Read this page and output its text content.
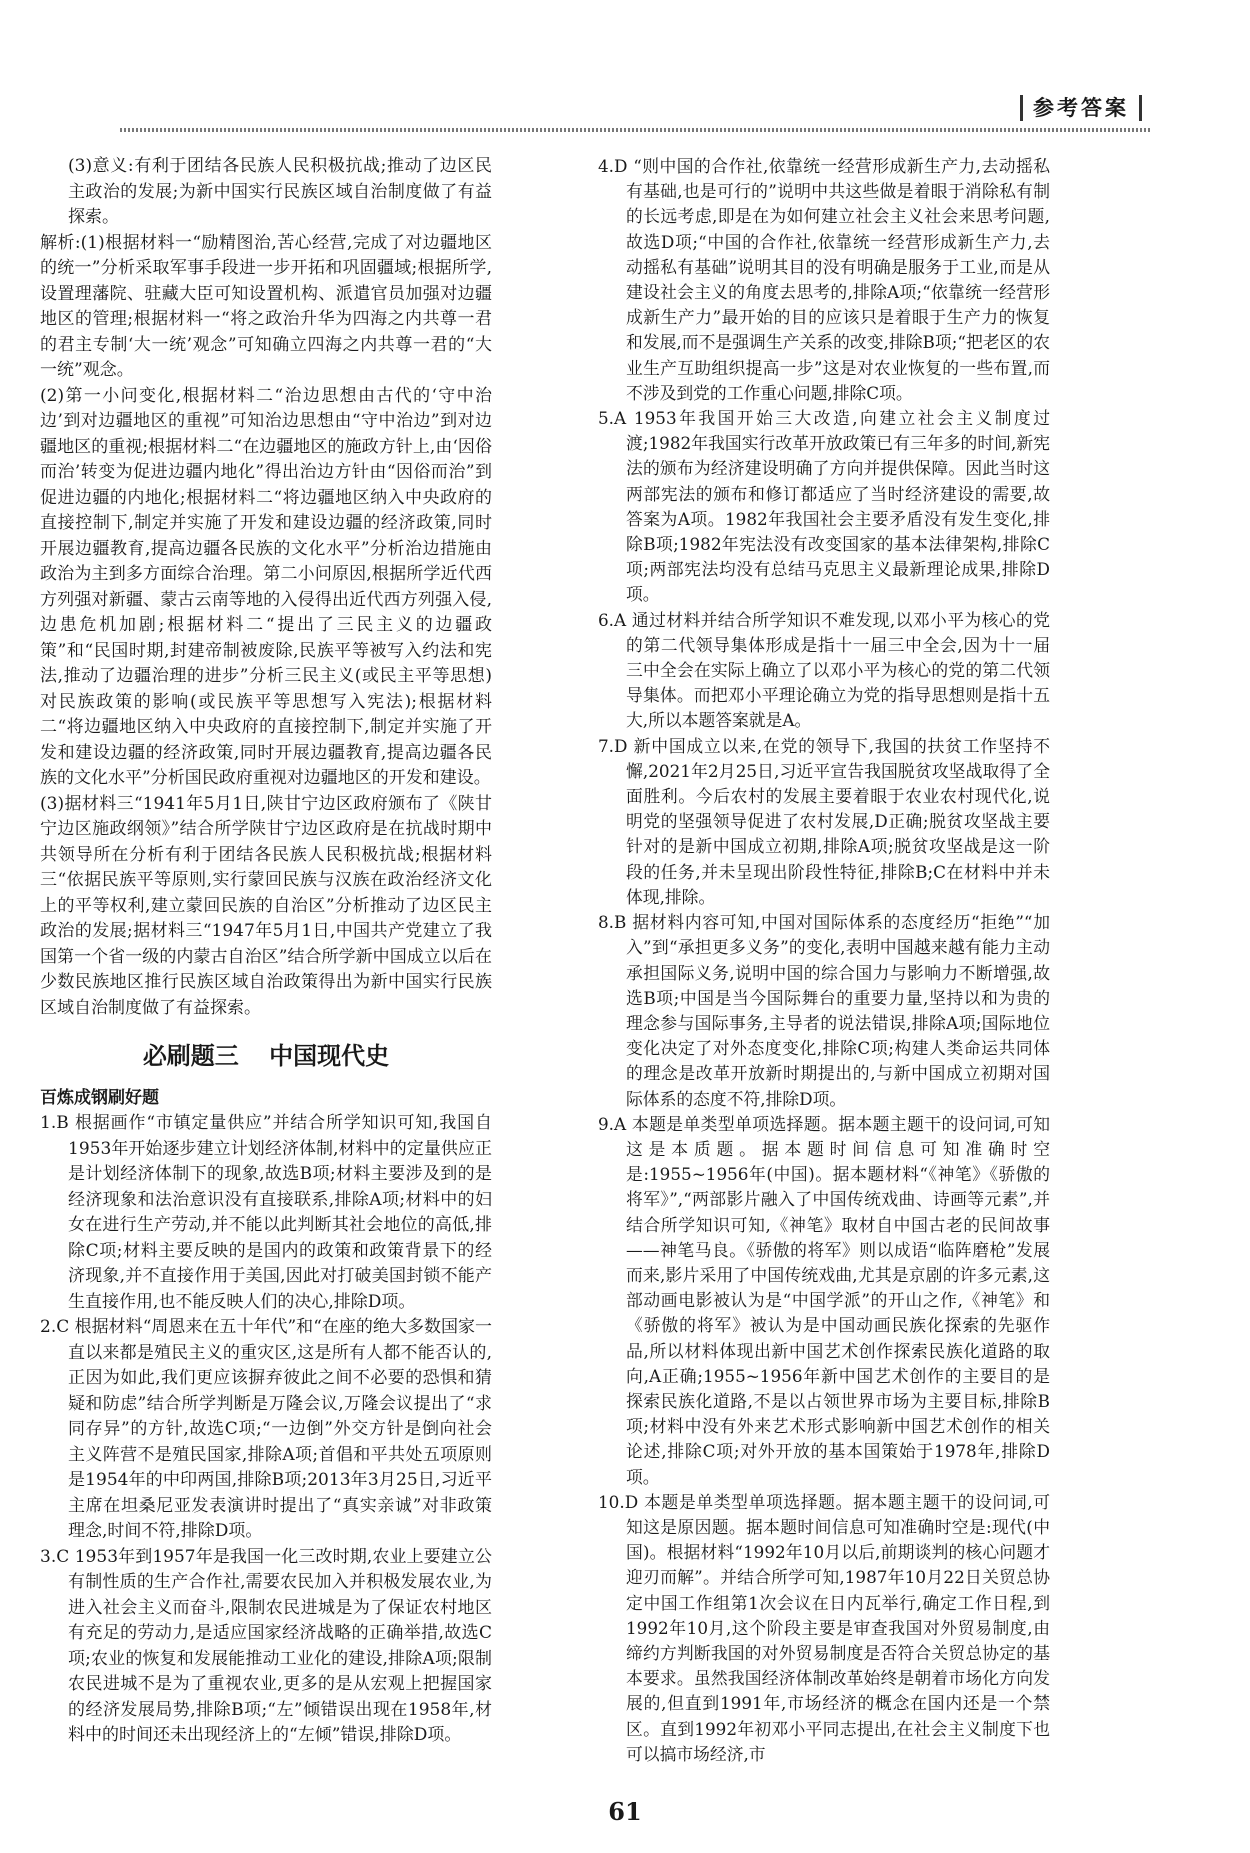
参考答案

(3)意义:有利于团结各民族人民积极抗战;推动了边区民主政治的发展;为新中国实行民族区域自治制度做了有益探索。

解析:(1)根据材料一“励精图治,苦心经营,完成了对边疆地区的统一”分析采取军事手段进一步开拓和巩固疆域;根据所学,设置理藩院、驻藏大臣可知设置机构、派遣官员加强对边疆地区的管理;根据材料一“将之政治升华为四海之内共尊一君的君主专制‘大一统’观念”可知确立四海之内共尊一君的“大一统”观念。

(2)第一小问变化,根据材料二“治边思想由古代的‘守中治边’到对边疆地区的重视”可知治边思想由“守中治边”到对边疆地区的重视;根据材料二“在边疆地区的施政方针上,由‘因俗而治’转变为促进边疆内地化”得出治边方针由“因俗而治”到促进边疆的内地化;根据材料二“将边疆地区纳入中央政府的直接控制下,制定并实施了开发和建设边疆的经济政策,同时开展边疆教育,提高边疆各民族的文化水平”分析治边措施由政治为主到多方面综合治理。第二小问原因,根据所学近代西方列强对新疆、蒙古云南等地的入侵得出近代西方列强入侵,边患危机加剧;根据材料二“提出了三民主义的边疆政策”和“民国时期,封建帝制被废除,民族平等被写入约法和宪法,推动了边疆治理的进步”分析三民主义(或民主平等思想)对民族政策的影响(或民族平等思想写入宪法);根据材料二“将边疆地区纳入中央政府的直接控制下,制定并实施了开发和建设边疆的经济政策,同时开展边疆教育,提高边疆各民族的文化水平”分析国民政府重视对边疆地区的开发和建设。

(3)据材料三“1941年5月1日,陕甘宁边区政府颁布了《陕甘宁边区施政纲领》”结合所学陕甘宁边区政府是在抗战时期中共领导所在分析有利于团结各民族人民积极抗战;根据材料三“依据民族平等原则,实行蒙回民族与汉族在政治经济文化上的平等权利,建立蒙回民族的自治区”分析推动了边区民主政治的发展;据材料三“1947年5月1日,中国共产党建立了我国第一个省一级的内蒙古自治区”结合所学新中国成立以后在少数民族地区推行民族区域自治政策得出为新中国实行民族区域自治制度做了有益探索。

必刷题三 中国现代史
百炼成钢刷好题

1.B 根据画作“市镇定量供应”并结合所学知识可知,我国自1953年开始逐步建立计划经济体制,材料中的定量供应正是计划经济体制下的现象,故选B项;材料主要涉及到的是经济现象和法治意识没有直接联系,排除A项;材料中的妇女在进行生产劳动,并不能以此判断其社会地位的高低,排除C项;材料主要反映的是国内的政策和政策背景下的经济现象,并不直接作用于美国,因此对打破美国封锁不能产生直接作用,也不能反映人们的决心,排除D项。

2.C 根据材料“周恩来在五十年代”和“在座的绝大多数国家一直以来都是殖民主义的重灾区,这是所有人都不能否认的,正因为如此,我们更应该摒弃彼此之间不必要的恐惧和猜疑和防虑”结合所学判断是万隆会议,万隆会议提出了“求同存异”的方针,故选C项;“一边倒”外交方针是倒向社会主义阵营不是殖民国家,排除A项;首倡和平共处五项原则是1954年的中印两国,排除B项;2013年3月25日,习近平主席在坦桑尼亚发表演讲时提出了“真实亲诚”对非政策理念,时间不符,排除D项。

3.C 1953年到1957年是我国一化三改时期,农业上要建立公有制性质的生产合作社,需要农民加入并积极发展农业,为进入社会主义而奋斗,限制农民进城是为了保证农村地区有充足的劳动力,是适应国家经济战略的正确举措,故选C项;农业的恢复和发展能推动工业化的建设,排除A项;限制农民进城不是为了重视农业,更多的是从宏观上把握国家的经济发展局势,排除B项;“左”倾错误出现在1958年,材料中的时间还未出现经济上的“左倾”错误,排除D项。

4.D “则中国的合作社,依靠统一经营形成新生产力,去动摇私有基础,也是可行的”说明中共这些做是着眼于消除私有制的长远考虑,即是在为如何建立社会主义社会来思考问题,故选D项;“中国的合作社,依靠统一经营形成新生产力,去动摇私有基础”说明其目的没有明确是服务于工业,而是从建设社会主义的角度去思考的,排除A项;“依靠统一经营形成新生产力”最开始的目的应该只是着眼于生产力的恢复和发展,而不是强调生产关系的改变,排除B项;“把老区的农业生产互助组织提高一步”这是对农业恢复的一些布置,而不涉及到党的工作重心问题,排除C项。

5.A 1953年我国开始三大改造,向建立社会主义制度过渡;1982年我国实行改革开放政策已有三年多的时间,新宪法的颁布为经济建设明确了方向并提供保障。因此当时这两部宪法的颁布和修订都适应了当时经济建设的需要,故答案为A项。1982年我国社会主要矛盾没有发生变化,排除B项;1982年宪法没有改变国家的基本法律架构,排除C项;两部宪法均没有总结马克思主义最新理论成果,排除D项。

6.A 通过材料并结合所学知识不难发现,以邓小平为核心的党的第二代领导集体形成是指十一届三中全会,因为十一届三中全会在实际上确立了以邓小平为核心的党的第二代领导集体。而把邓小平理论确立为党的指导思想则是指十五大,所以本题答案就是A。

7.D 新中国成立以来,在党的领导下,我国的扶贫工作坚持不懈,2021年2月25日,习近平宣告我国脱贫攻坚战取得了全面胜利。今后农村的发展主要着眼于农业农村现代化,说明党的坚强领导促进了农村发展,D正确;脱贫攻坚战主要针对的是新中国成立初期,排除A项;脱贫攻坚战是这一阶段的任务,并未呈现出阶段性特征,排除B;C在材料中并未体现,排除。

8.B 据材料内容可知,中国对国际体系的态度经历“拒绝”“加入”到“承担更多义务”的变化,表明中国越来越有能力主动承担国际义务,说明中国的综合国力与影响力不断增强,故选B项;中国是当今国际舞台的重要力量,坚持以和为贵的理念参与国际事务,主导者的说法错误,排除A项;国际地位变化决定了对外态度变化,排除C项;构建人类命运共同体的理念是改革开放新时期提出的,与新中国成立初期对国际体系的态度不符,排除D项。

9.A 本题是单类型单项选择题。据本题主题干的设问词,可知这是本质题。据本题时间信息可知准确时空是:1955~1956年(中国)。据本题材料“《神笔》《骄傲的将军》”,“两部影片融入了中国传统戏曲、诗画等元素”,并结合所学知识可知,《神笔》取材自中国古老的民间故事——神笔马良。《骄傲的将军》则以成语“临阵磨枪”发展而来,影片采用了中国传统戏曲,尤其是京剧的许多元素,这部动画电影被认为是“中国学派”的开山之作,《神笔》和《骄傲的将军》被认为是中国动画民族化探索的先驱作品,所以材料体现出新中国艺术创作探索民族化道路的取向,A正确;1955~1956年新中国艺术创作的主要目的是探索民族化道路,不是以占领世界市场为主要目标,排除B项;材料中没有外来艺术形式影响新中国艺术创作的相关论述,排除C项;对外开放的基本国策始于1978年,排除D项。

10.D 本题是单类型单项选择题。据本题主题干的设问词,可知这是原因题。据本题时间信息可知准确时空是:现代(中国)。根据材料“1992年10月以后,前期谈判的核心问题才迎刃而解”。并结合所学可知,1987年10月22日关贸总协定中国工作组第1次会议在日内瓦举行,确定工作日程,到1992年10月,这个阶段主要是审查我国对外贸易制度,由缔约方判断我国的对外贸易制度是否符合关贸总协定的基本要求。虽然我国经济体制改革始终是朝着市场化方向发展的,但直到1991年,市场经济的概念在国内还是一个禁区。直到1992年初邓小平同志提出,在社会主义制度下也可以搞市场经济,市

61
